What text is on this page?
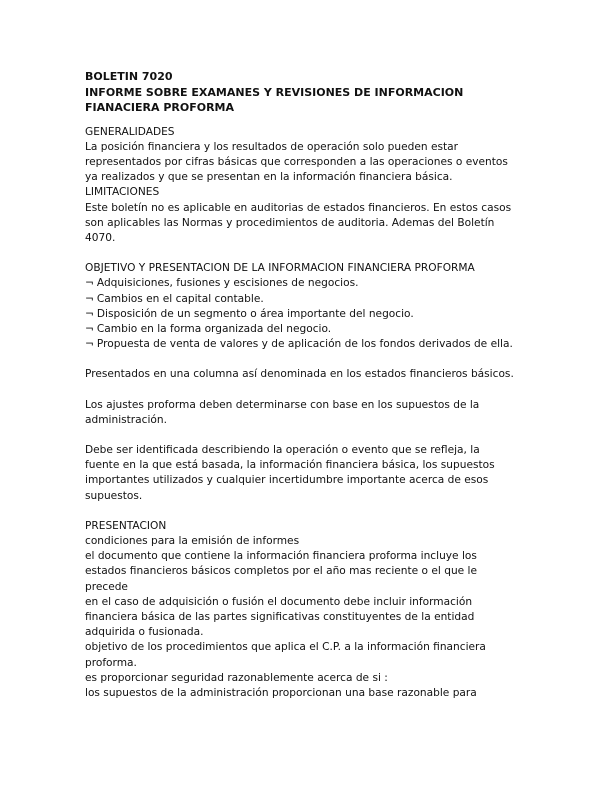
BOLETIN 7020
INFORME SOBRE EXAMANES Y REVISIONES DE INFORMACION
FIANACIERA PROFORMA

GENERALIDADES

La posición financiera y los resultados de operación solo pueden estar representados por cifras básicas que corresponden a las operaciones o eventos ya realizados y que se presentan en la información financiera básica.

LIMITACIONES

Este boletín no es aplicable en auditorias de estados financieros. En estos casos son aplicables las Normas y procedimientos de auditoria. Ademas del Boletín 4070.

OBJETIVO Y PRESENTACION DE LA INFORMACION FINANCIERA PROFORMA

¬ Adquisiciones, fusiones y escisiones de negocios.
¬ Cambios en el capital contable.
¬ Disposición de un segmento o área importante del negocio.
¬ Cambio en la forma organizada del negocio.
¬ Propuesta de venta de valores y de aplicación de los fondos derivados de ella.

Presentados en una columna así denominada en los estados financieros básicos.

Los ajustes proforma deben determinarse con base en los supuestos de la administración.

Debe ser identificada describiendo la operación o evento que se refleja, la fuente en la que está basada, la información financiera básica, los supuestos importantes utilizados y cualquier incertidumbre importante acerca de esos supuestos.

PRESENTACION

condiciones para la emisión de informes

el documento que contiene la información financiera proforma incluye los estados financieros básicos completos por el año mas reciente o el que le precede

en el caso de adquisición o fusión el documento debe incluir información financiera básica de las partes significativas constituyentes de la entidad adquirida o fusionada.

objetivo de los procedimientos que aplica el C.P. a la información financiera proforma.

es proporcionar seguridad razonablemente acerca de si :

los supuestos de la administración proporcionan una base razonable para
